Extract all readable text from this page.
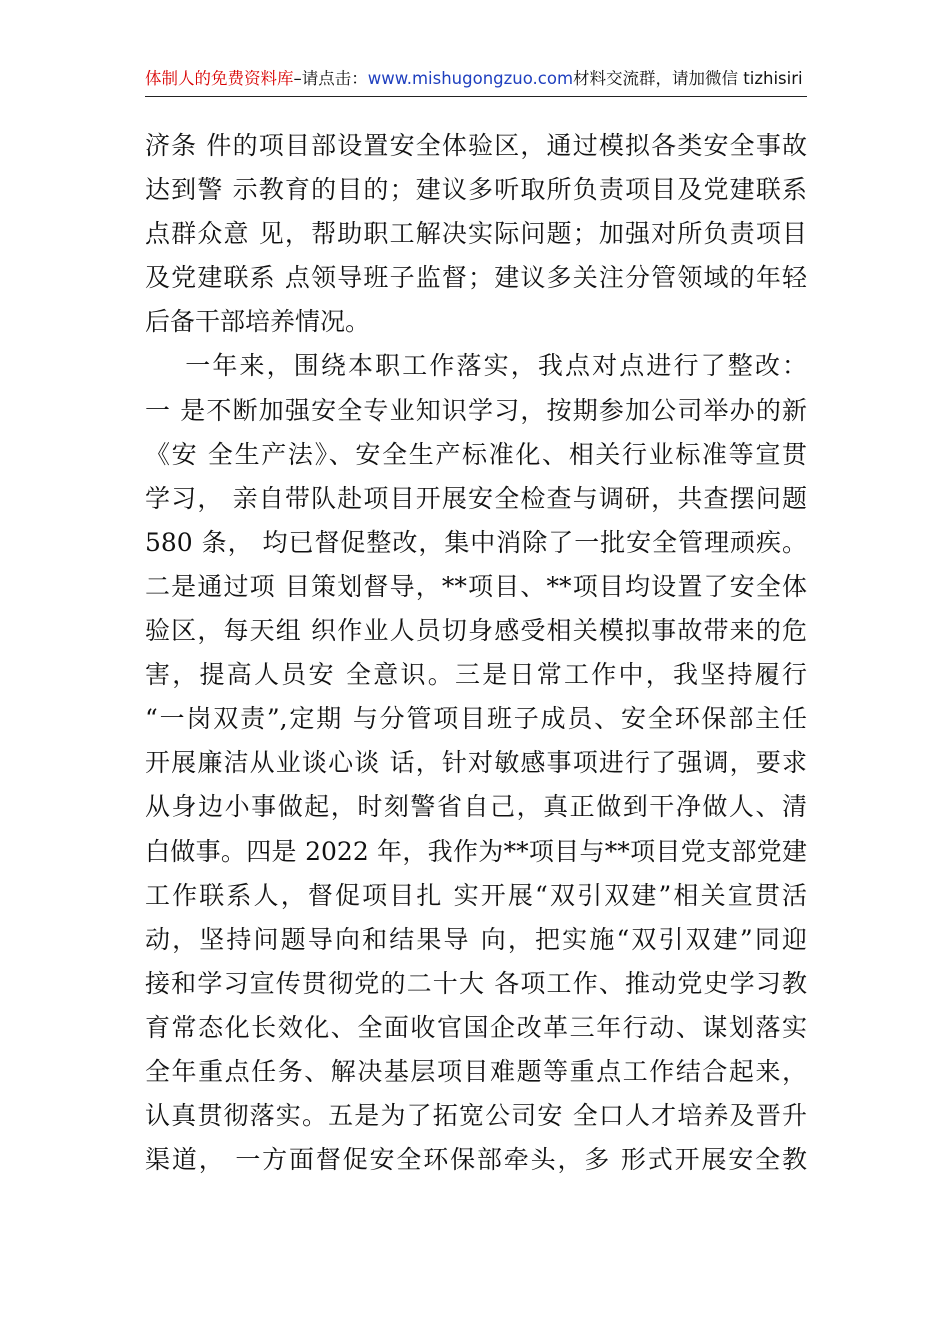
体制人的免费资料库–请点击：www.mishugongzuo.com材料交流群，请加微信 tizhisiri
济条 件的项目部设置安全体验区，通过模拟各类安全事故
达到警 示教育的目的；建议多听取所负责项目及党建联系
点群众意 见，帮助职工解决实际问题；加强对所负责项目
及党建联系 点领导班子监督；建议多关注分管领域的年轻
后备干部培养情况。
一年来，围绕本职工作落实，我点对点进行了整改：
一 是不断加强安全专业知识学习，按期参加公司举办的新
《安 全生产法》、安全生产标准化、相关行业标准等宣贯
学习， 亲自带队赴项目开展安全检查与调研，共查摆问题
580 条， 均已督促整改，集中消除了一批安全管理顽疾。
二是通过项 目策划督导，**项目、**项目均设置了安全体
验区，每天组 织作业人员切身感受相关模拟事故带来的危
害，提高人员安 全意识。三是日常工作中，我坚持履行
“一岗双责”,定期 与分管项目班子成员、安全环保部主任
开展廉洁从业谈心谈 话，针对敏感事项进行了强调，要求
从身边小事做起，时刻警省自己，真正做到干净做人、清
白做事。四是 2022 年，我作为**项目与**项目党支部党建
工作联系人，督促项目扎 实开展“双引双建”相关宣贯活
动，坚持问题导向和结果导 向，把实施“双引双建”同迎
接和学习宣传贯彻党的二十大 各项工作、推动党史学习教
育常态化长效化、全面收官国企改革三年行动、谋划落实
全年重点任务、解决基层项目难题等重点工作结合起来，
认真贯彻落实。五是为了拓宽公司安 全口人才培养及晋升
渠道， 一方面督促安全环保部牵头，多 形式开展安全教
